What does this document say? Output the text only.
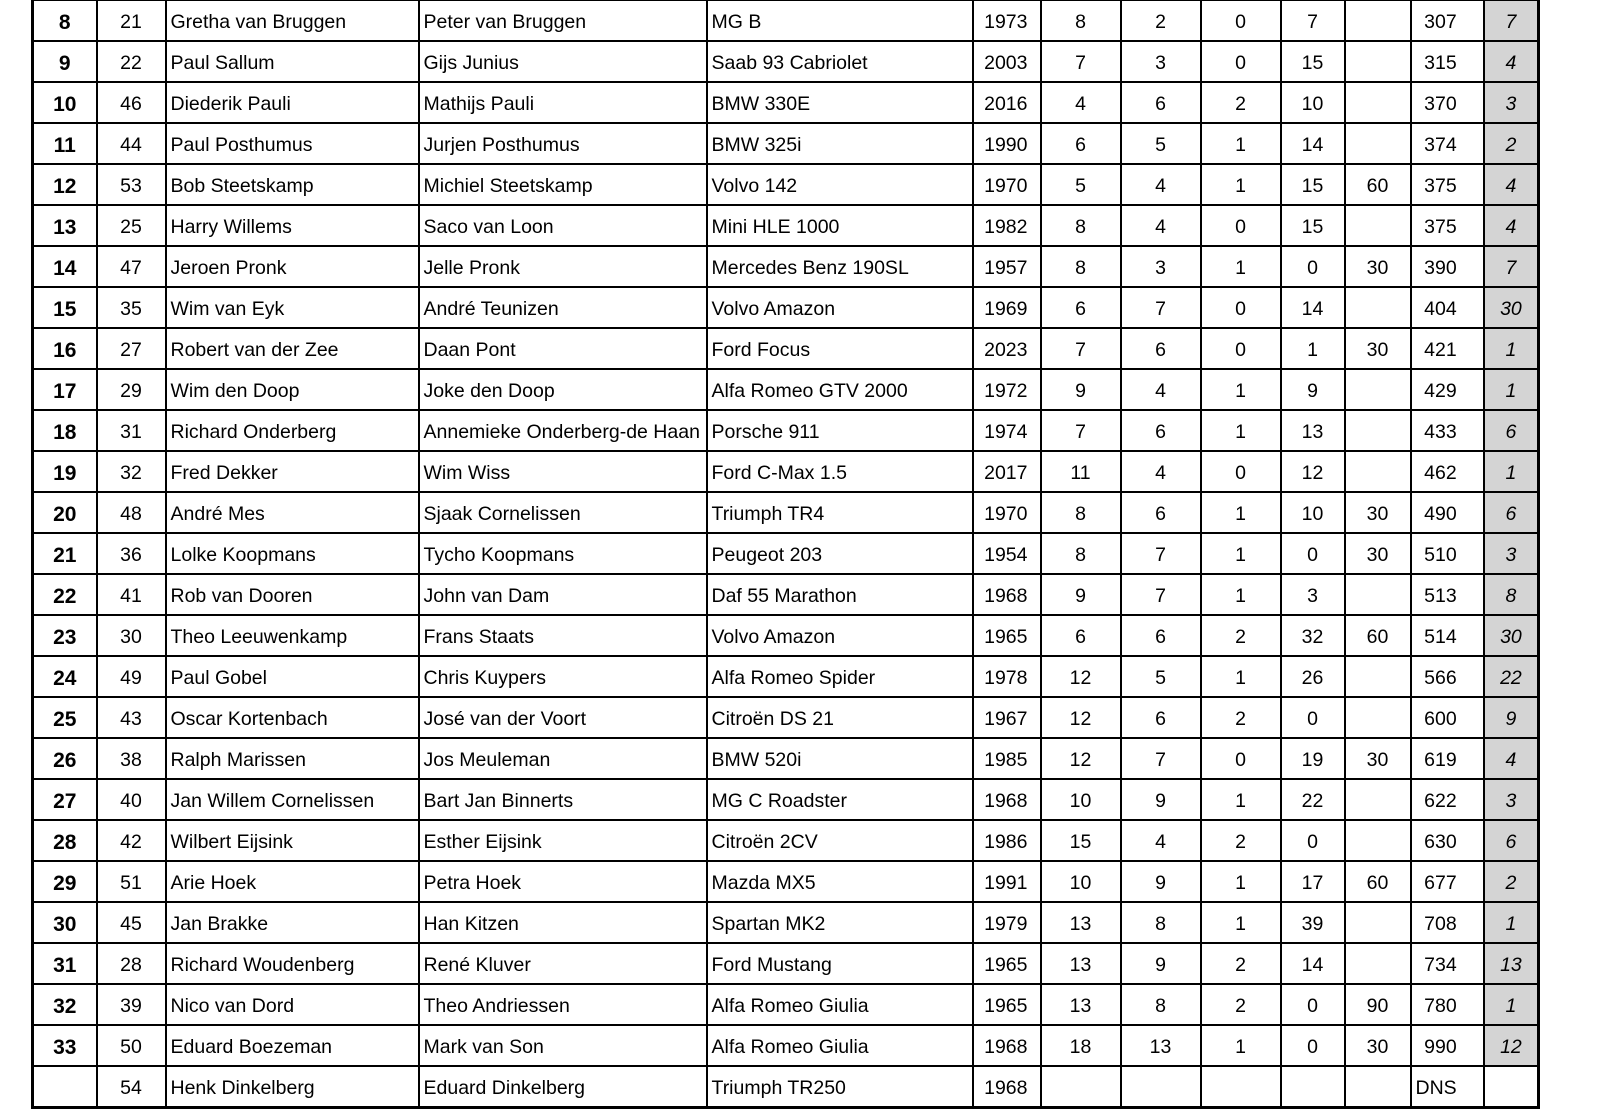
8	21	Gretha van Bruggen	Peter van Bruggen	MG B	1973	8	2	0	7		307	7
9	22	Paul Sallum	Gijs Junius	Saab 93 Cabriolet	2003	7	3	0	15		315	4
10	46	Diederik Pauli	Mathijs Pauli	BMW 330E	2016	4	6	2	10		370	3
11	44	Paul Posthumus	Jurjen Posthumus	BMW 325i	1990	6	5	1	14		374	2
12	53	Bob Steetskamp	Michiel Steetskamp	Volvo 142	1970	5	4	1	15	60	375	4
13	25	Harry Willems	Saco van Loon	Mini HLE 1000	1982	8	4	0	15		375	4
14	47	Jeroen Pronk	Jelle Pronk	Mercedes Benz 190SL	1957	8	3	1	0	30	390	7
15	35	Wim van Eyk	André Teunizen	Volvo Amazon	1969	6	7	0	14		404	30
16	27	Robert van der Zee	Daan Pont	Ford Focus	2023	7	6	0	1	30	421	1
17	29	Wim den Doop	Joke den Doop	Alfa Romeo GTV 2000	1972	9	4	1	9		429	1
18	31	Richard Onderberg	Annemieke Onderberg-de Haan	Porsche 911	1974	7	6	1	13		433	6
19	32	Fred Dekker	Wim Wiss	Ford C-Max 1.5	2017	11	4	0	12		462	1
20	48	André Mes	Sjaak Cornelissen	Triumph TR4	1970	8	6	1	10	30	490	6
21	36	Lolke Koopmans	Tycho Koopmans	Peugeot 203	1954	8	7	1	0	30	510	3
22	41	Rob van Dooren	John van Dam	Daf 55 Marathon	1968	9	7	1	3		513	8
23	30	Theo Leeuwenkamp	Frans Staats	Volvo Amazon	1965	6	6	2	32	60	514	30
24	49	Paul Gobel	Chris Kuypers	Alfa Romeo Spider	1978	12	5	1	26		566	22
25	43	Oscar Kortenbach	José van der Voort	Citroën DS 21	1967	12	6	2	0		600	9
26	38	Ralph Marissen	Jos Meuleman	BMW 520i	1985	12	7	0	19	30	619	4
27	40	Jan Willem Cornelissen	Bart Jan Binnerts	MG C Roadster	1968	10	9	1	22		622	3
28	42	Wilbert Eijsink	Esther Eijsink	Citroën 2CV	1986	15	4	2	0		630	6
29	51	Arie Hoek	Petra Hoek	Mazda MX5	1991	10	9	1	17	60	677	2
30	45	Jan Brakke	Han Kitzen	Spartan MK2	1979	13	8	1	39		708	1
31	28	Richard Woudenberg	René Kluver	Ford Mustang	1965	13	9	2	14		734	13
32	39	Nico van Dord	Theo Andriessen	Alfa Romeo Giulia	1965	13	8	2	0	90	780	1
33	50	Eduard Boezeman	Mark van Son	Alfa Romeo Giulia	1968	18	13	1	0	30	990	12
	54	Henk Dinkelberg	Eduard Dinkelberg	Triumph TR250	1968						DNS	
